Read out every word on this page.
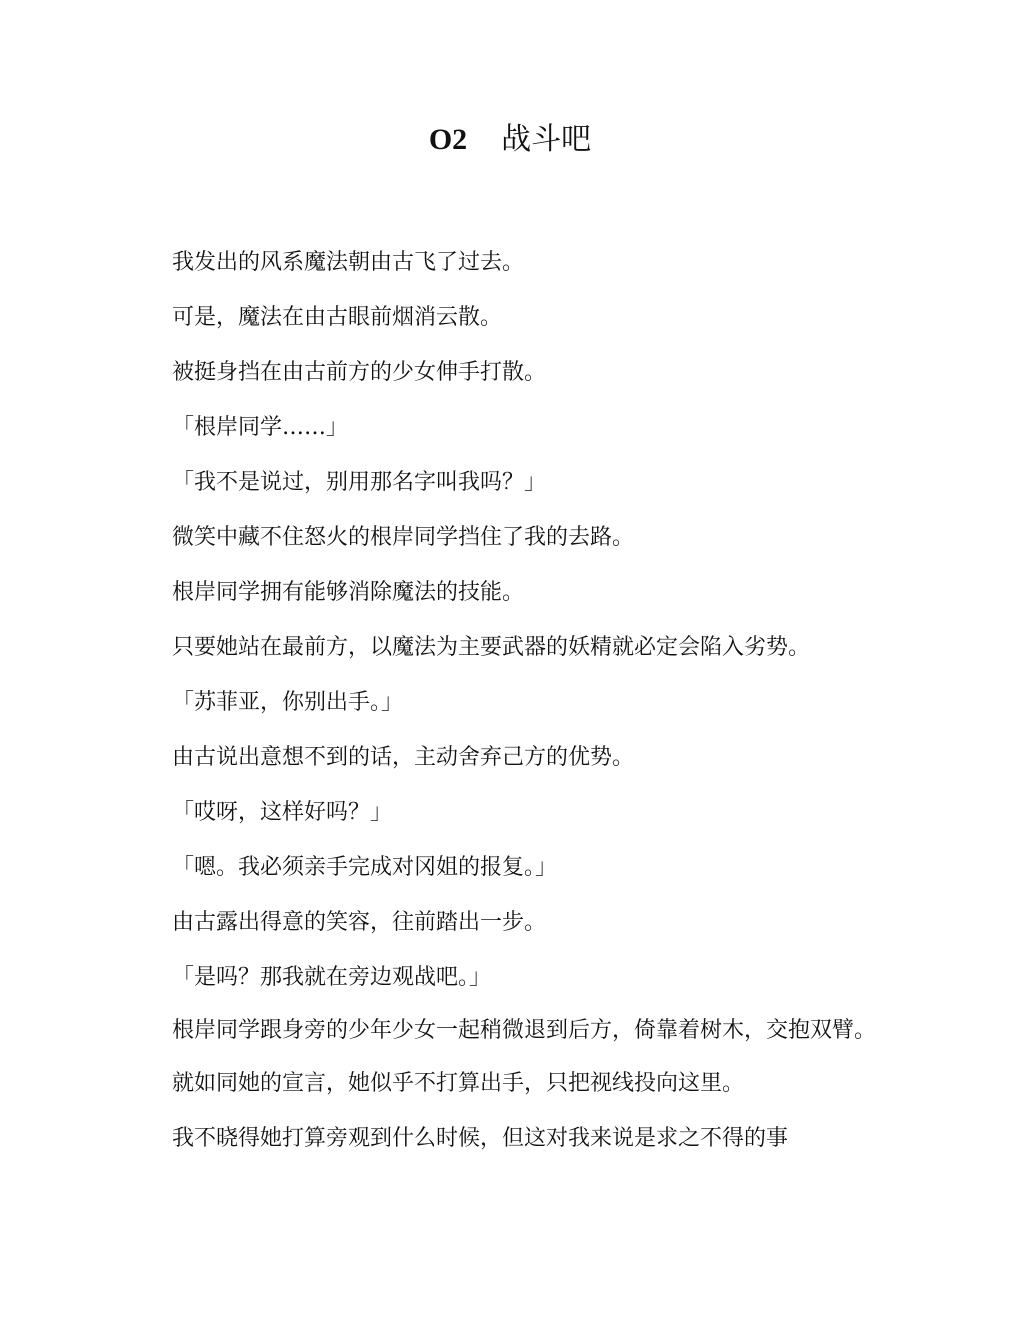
O2 战斗吧

我发出的风系魔法朝由古飞了过去。

可是，魔法在由古眼前烟消云散。

被挺身挡在由古前方的少女伸手打散。

「根岸同学……」

「我不是说过，别用那名字叫我吗？」

微笑中藏不住怒火的根岸同学挡住了我的去路。

根岸同学拥有能够消除魔法的技能。

只要她站在最前方，以魔法为主要武器的妖精就必定会陷入劣势。

「苏菲亚，你别出手。」

由古说出意想不到的话，主动舍弃己方的优势。

「哎呀，这样好吗？」

「嗯。我必须亲手完成对冈姐的报复。」

由古露出得意的笑容，往前踏出一步。

「是吗？那我就在旁边观战吧。」

根岸同学跟身旁的少年少女一起稍微退到后方，倚靠着树木，交抱双臂。

就如同她的宣言，她似乎不打算出手，只把视线投向这里。

我不晓得她打算旁观到什么时候，但这对我来说是求之不得的事
